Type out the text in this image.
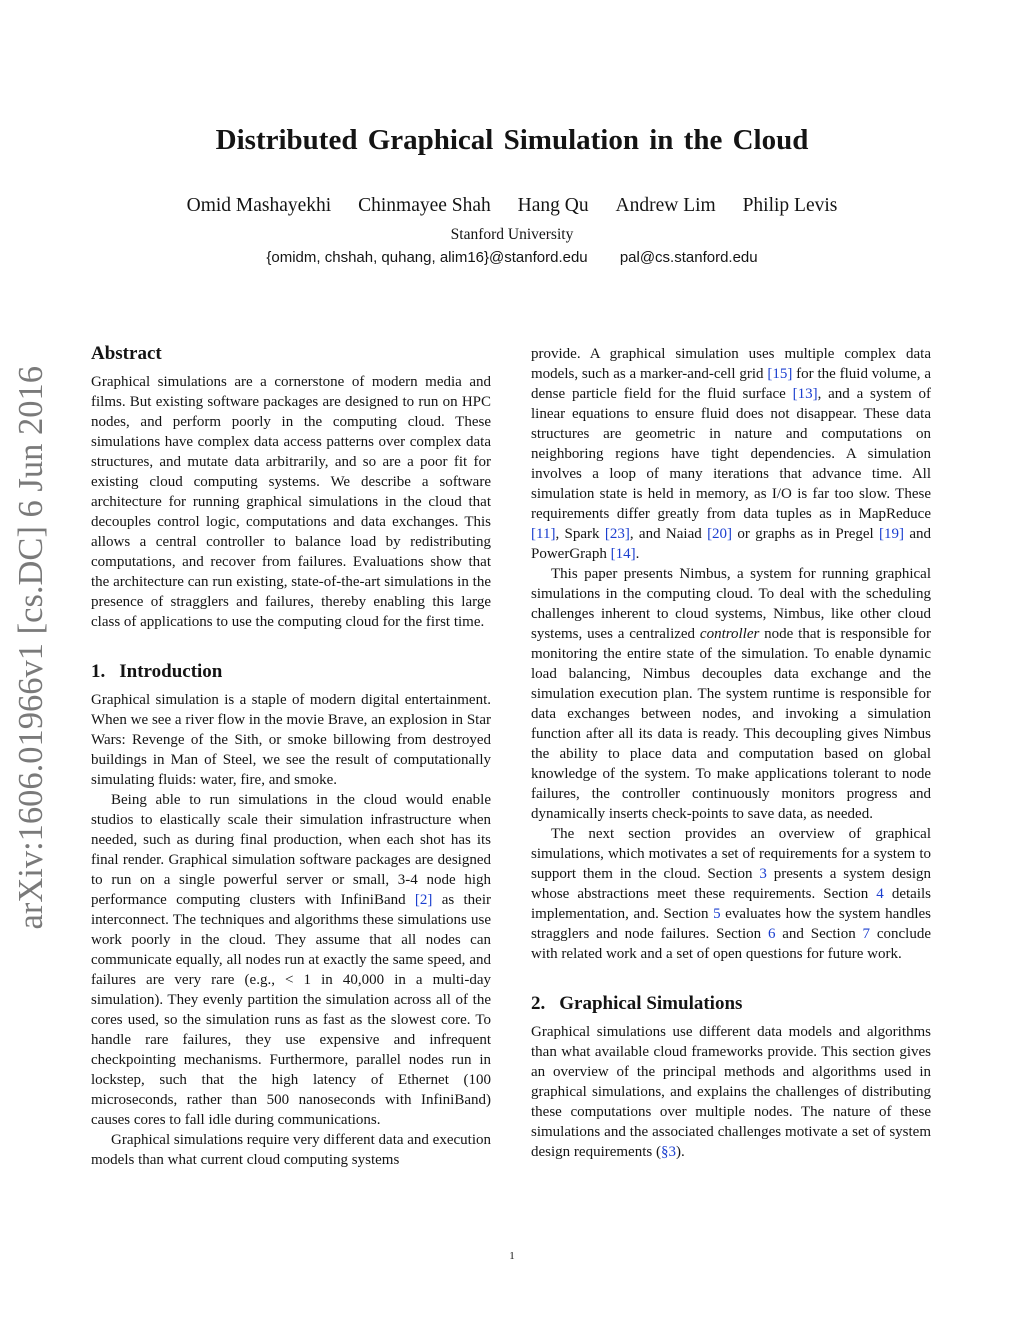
arXiv:1606.01966v1 [cs.DC] 6 Jun 2016
Distributed Graphical Simulation in the Cloud
Omid Mashayekhi Chinmayee Shah Hang Qu Andrew Lim Philip Levis
Stanford University
{omidm, chshah, quhang, alim16}@stanford.edu pal@cs.stanford.edu
Abstract

Graphical simulations are a cornerstone of modern media and films. But existing software packages are designed to run on HPC nodes, and perform poorly in the computing cloud. These simulations have complex data access patterns over complex data structures, and mutate data arbitrarily, and so are a poor fit for existing cloud computing systems. We describe a software architecture for running graphical simulations in the cloud that decouples control logic, computations and data exchanges. This allows a central controller to balance load by redistributing computations, and recover from failures. Evaluations show that the architecture can run existing, state-of-the-art simulations in the presence of stragglers and failures, thereby enabling this large class of applications to use the computing cloud for the first time.

1. Introduction

Graphical simulation is a staple of modern digital entertainment. When we see a river flow in the movie Brave, an explosion in Star Wars: Revenge of the Sith, or smoke billowing from destroyed buildings in Man of Steel, we see the result of computationally simulating fluids: water, fire, and smoke.

Being able to run simulations in the cloud would enable studios to elastically scale their simulation infrastructure when needed, such as during final production, when each shot has its final render. Graphical simulation software packages are designed to run on a single powerful server or small, 3-4 node high performance computing clusters with InfiniBand [2] as their interconnect. The techniques and algorithms these simulations use work poorly in the cloud. They assume that all nodes can communicate equally, all nodes run at exactly the same speed, and failures are very rare (e.g., < 1 in 40,000 in a multi-day simulation). They evenly partition the simulation across all of the cores used, so the simulation runs as fast as the slowest core. To handle rare failures, they use expensive and infrequent checkpointing mechanisms. Furthermore, parallel nodes run in lockstep, such that the high latency of Ethernet (100 microseconds, rather than 500 nanoseconds with InfiniBand) causes cores to fall idle during communications.

Graphical simulations require very different data and execution models than what current cloud computing systems

provide. A graphical simulation uses multiple complex data models, such as a marker-and-cell grid [15] for the fluid volume, a dense particle field for the fluid surface [13], and a system of linear equations to ensure fluid does not disappear. These data structures are geometric in nature and computations on neighboring regions have tight dependencies. A simulation involves a loop of many iterations that advance time. All simulation state is held in memory, as I/O is far too slow. These requirements differ greatly from data tuples as in MapReduce [11], Spark [23], and Naiad [20] or graphs as in Pregel [19] and PowerGraph [14].

This paper presents Nimbus, a system for running graphical simulations in the computing cloud. To deal with the scheduling challenges inherent to cloud systems, Nimbus, like other cloud systems, uses a centralized controller node that is responsible for monitoring the entire state of the simulation. To enable dynamic load balancing, Nimbus decouples data exchange and the simulation execution plan. The system runtime is responsible for data exchanges between nodes, and invoking a simulation function after all its data is ready. This decoupling gives Nimbus the ability to place data and computation based on global knowledge of the system. To make applications tolerant to node failures, the controller continuously monitors progress and dynamically inserts check-points to save data, as needed.

The next section provides an overview of graphical simulations, which motivates a set of requirements for a system to support them in the cloud. Section 3 presents a system design whose abstractions meet these requirements. Section 4 details implementation, and. Section 5 evaluates how the system handles stragglers and node failures. Section 6 and Section 7 conclude with related work and a set of open questions for future work.

2. Graphical Simulations

Graphical simulations use different data models and algorithms than what available cloud frameworks provide. This section gives an overview of the principal methods and algorithms used in graphical simulations, and explains the challenges of distributing these computations over multiple nodes. The nature of these simulations and the associated challenges motivate a set of system design requirements (§3).

1
